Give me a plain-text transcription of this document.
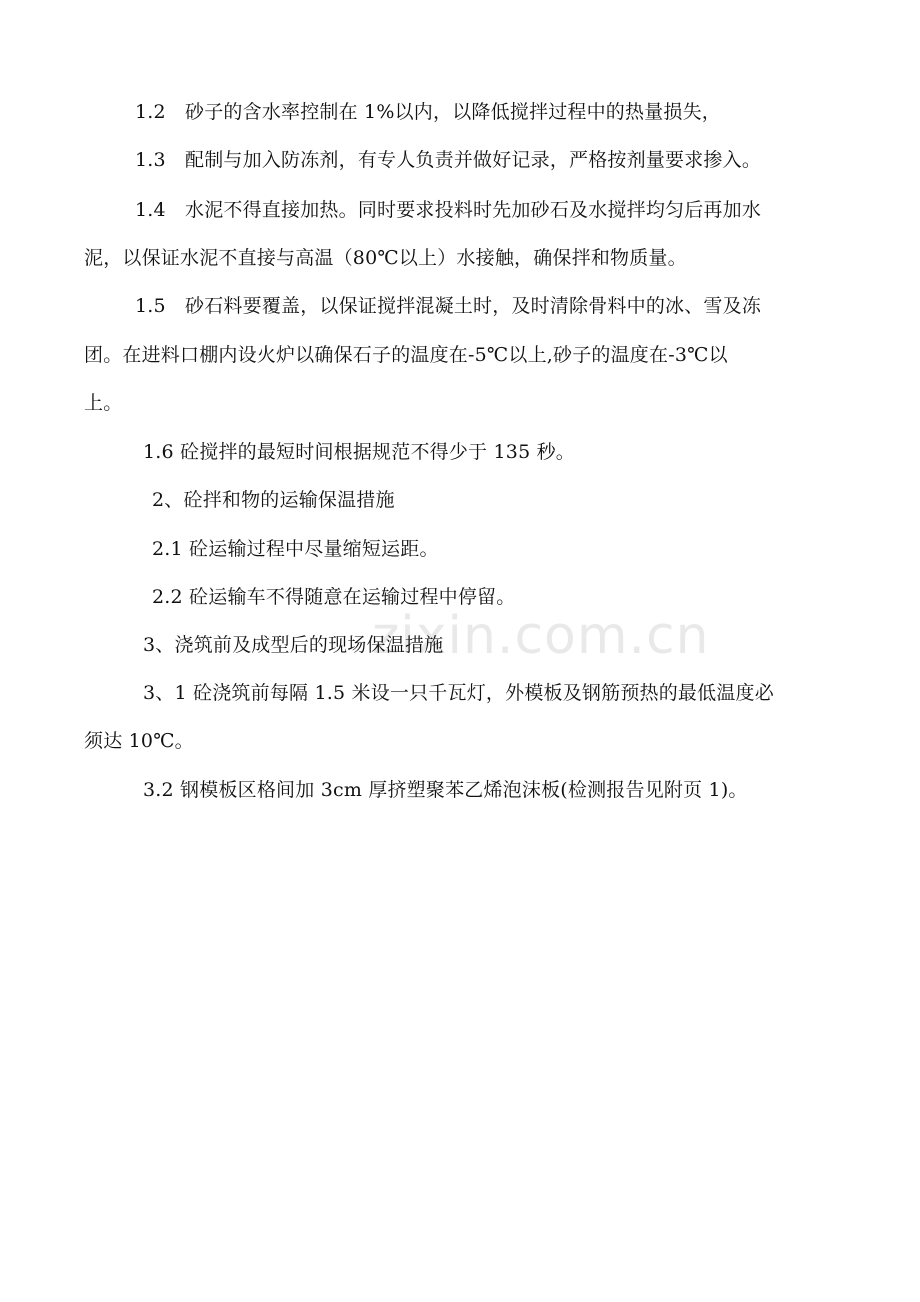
zixin.com.cn
1.2　砂子的含水率控制在 1%以内，以降低搅拌过程中的热量损失，
1.3　配制与加入防冻剂，有专人负责并做好记录，严格按剂量要求掺入。
1.4　水泥不得直接加热。同时要求投料时先加砂石及水搅拌均匀后再加水
泥，以保证水泥不直接与高温（80℃以上）水接触，确保拌和物质量。
1.5　砂石料要覆盖，以保证搅拌混凝土时，及时清除骨料中的冰、雪及冻
团。在进料口棚内设火炉以确保石子的温度在-5℃以上,砂子的温度在-3℃以
上。
1.6 砼搅拌的最短时间根据规范不得少于 135 秒。
2、砼拌和物的运输保温措施
2.1 砼运输过程中尽量缩短运距。
2.2 砼运输车不得随意在运输过程中停留。
3、浇筑前及成型后的现场保温措施
3、1 砼浇筑前每隔 1.5 米设一只千瓦灯，外模板及钢筋预热的最低温度必
须达 10℃。
3.2 钢模板区格间加 3cm 厚挤塑聚苯乙烯泡沫板(检测报告见附页 1)。
